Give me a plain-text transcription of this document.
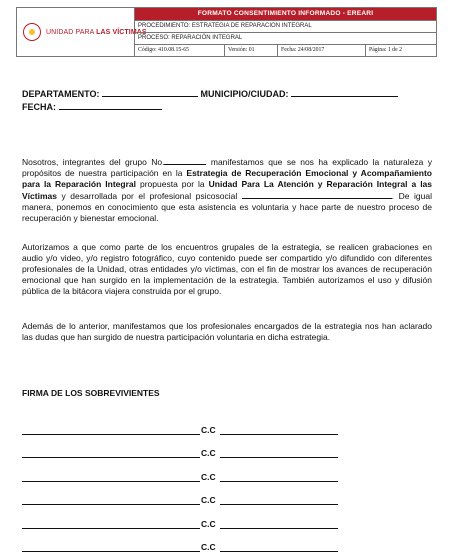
UNIDAD PARA LAS VÍCTIMAS
FORMATO CONSENTIMIENTO INFORMADO - EREARI
PROCEDIMIENTO: ESTRATEGIA DE REPARACION INTEGRAL
PROCESO: REPARACIÓN INTEGRAL
Código: 410.08.15-65	Versión: 01	Fecha: 24/08/2017	Página: 1 de 2
DEPARTAMENTO:	MUNICIPIO/CIUDAD:
FECHA:
Nosotros, integrantes del grupo No.	manifestamos que se nos ha explicado la naturaleza y propósitos de nuestra participación en la Estrategia de Recuperación Emocional y Acompañamiento para la Reparación Integral propuesta por la Unidad Para La Atención y Reparación Integral a las Víctimas y desarrollada por el profesional psicosocial	. De igual manera, ponemos en conocimiento que esta asistencia es voluntaria y hace parte de nuestro proceso de recuperación y bienestar emocional.
Autorizamos a que como parte de los encuentros grupales de la estrategia, se realicen grabaciones en audio y/o video, y/o registro fotográfico, cuyo contenido puede ser compartido y/o difundido con diferentes profesionales de la Unidad, otras entidades y/o víctimas, con el fin de mostrar los avances de recuperación emocional que han surgido en la implementación de la estrategia. También autorizamos el uso y difusión pública de la bitácora viajera construida por el grupo.
Además de lo anterior, manifestamos que los profesionales encargados de la estrategia nos han aclarado las dudas que han surgido de nuestra participación voluntaria en dicha estrategia.
FIRMA DE LOS SOBREVIVIENTES
C.C
C.C
C.C
C.C
C.C
C.C
